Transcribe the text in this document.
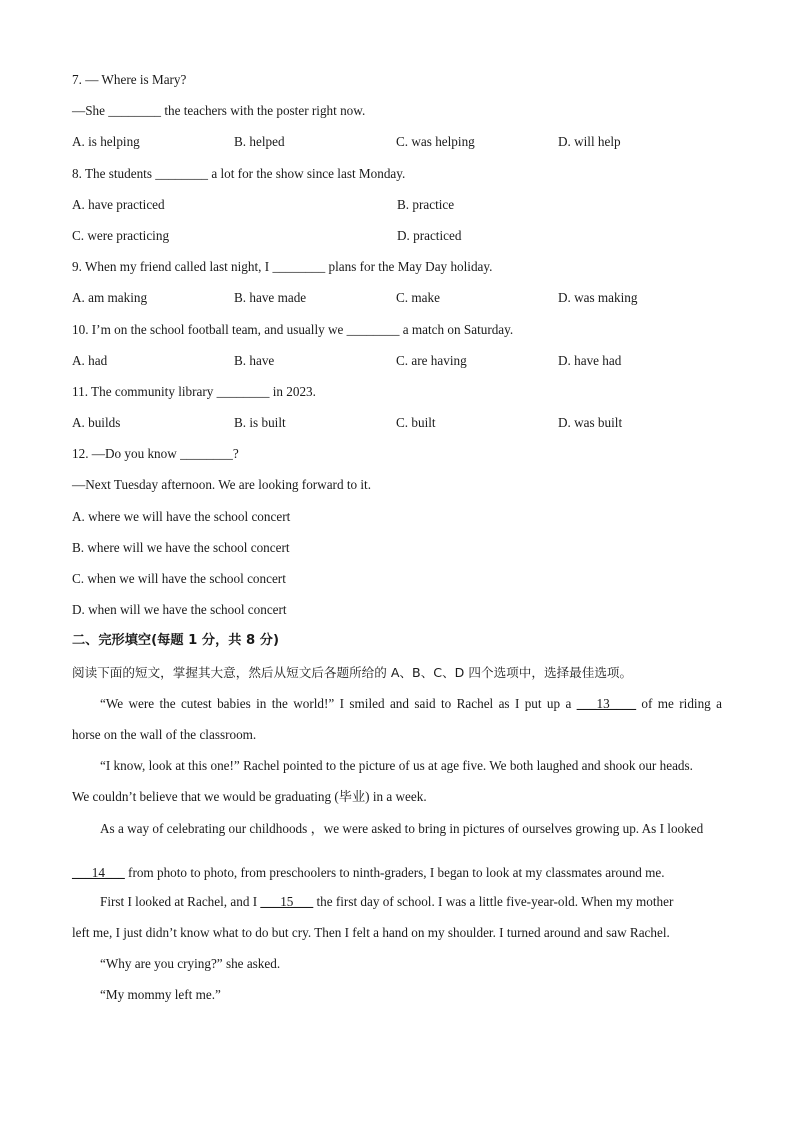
7. — Where is Mary?
—She ________ the teachers with the poster right now.
A. is helping	B. helped	C. was helping	D. will help
8. The students ________ a lot for the show since last Monday.
A. have practiced	B. practice
C. were practicing	D. practiced
9. When my friend called last night, I ________ plans for the May Day holiday.
A. am making	B. have made	C. make	D. was making
10. I’m on the school football team, and usually we ________ a match on Saturday.
A. had	B. have	C. are having	D. have had
11. The community library ________ in 2023.
A. builds	B. is built	C. built	D. was built
12. —Do you know ________?
—Next Tuesday afternoon. We are looking forward to it.
A. where we will have the school concert
B. where will we have the school concert
C. when we will have the school concert
D. when will we have the school concert
二、完形填空(每题 1 分，共 8 分)
阅读下面的短文，掌握其大意，然后从短文后各题所给的 A、B、C、D 四个选项中，选择最佳选项。
“We were the cutest babies in the world!” I smiled and said to Rachel as I put up a ___13____ of me riding a
horse on the wall of the classroom.
“I know, look at this one!” Rachel pointed to the picture of us at age five. We both laughed and shook our heads.
We couldn’t believe that we would be graduating (毕业) in a week.
As a way of celebrating our childhoods ，we were asked to bring in pictures of ourselves growing up. As I looked
___14___ from photo to photo, from preschoolers to ninth-graders, I began to look at my classmates around me.
First I looked at Rachel, and I ___15___ the first day of school. I was a little five-year-old. When my mother
left me, I just didn’t know what to do but cry. Then I felt a hand on my shoulder. I turned around and saw Rachel.
“Why are you crying?” she asked.
“My mommy left me.”
